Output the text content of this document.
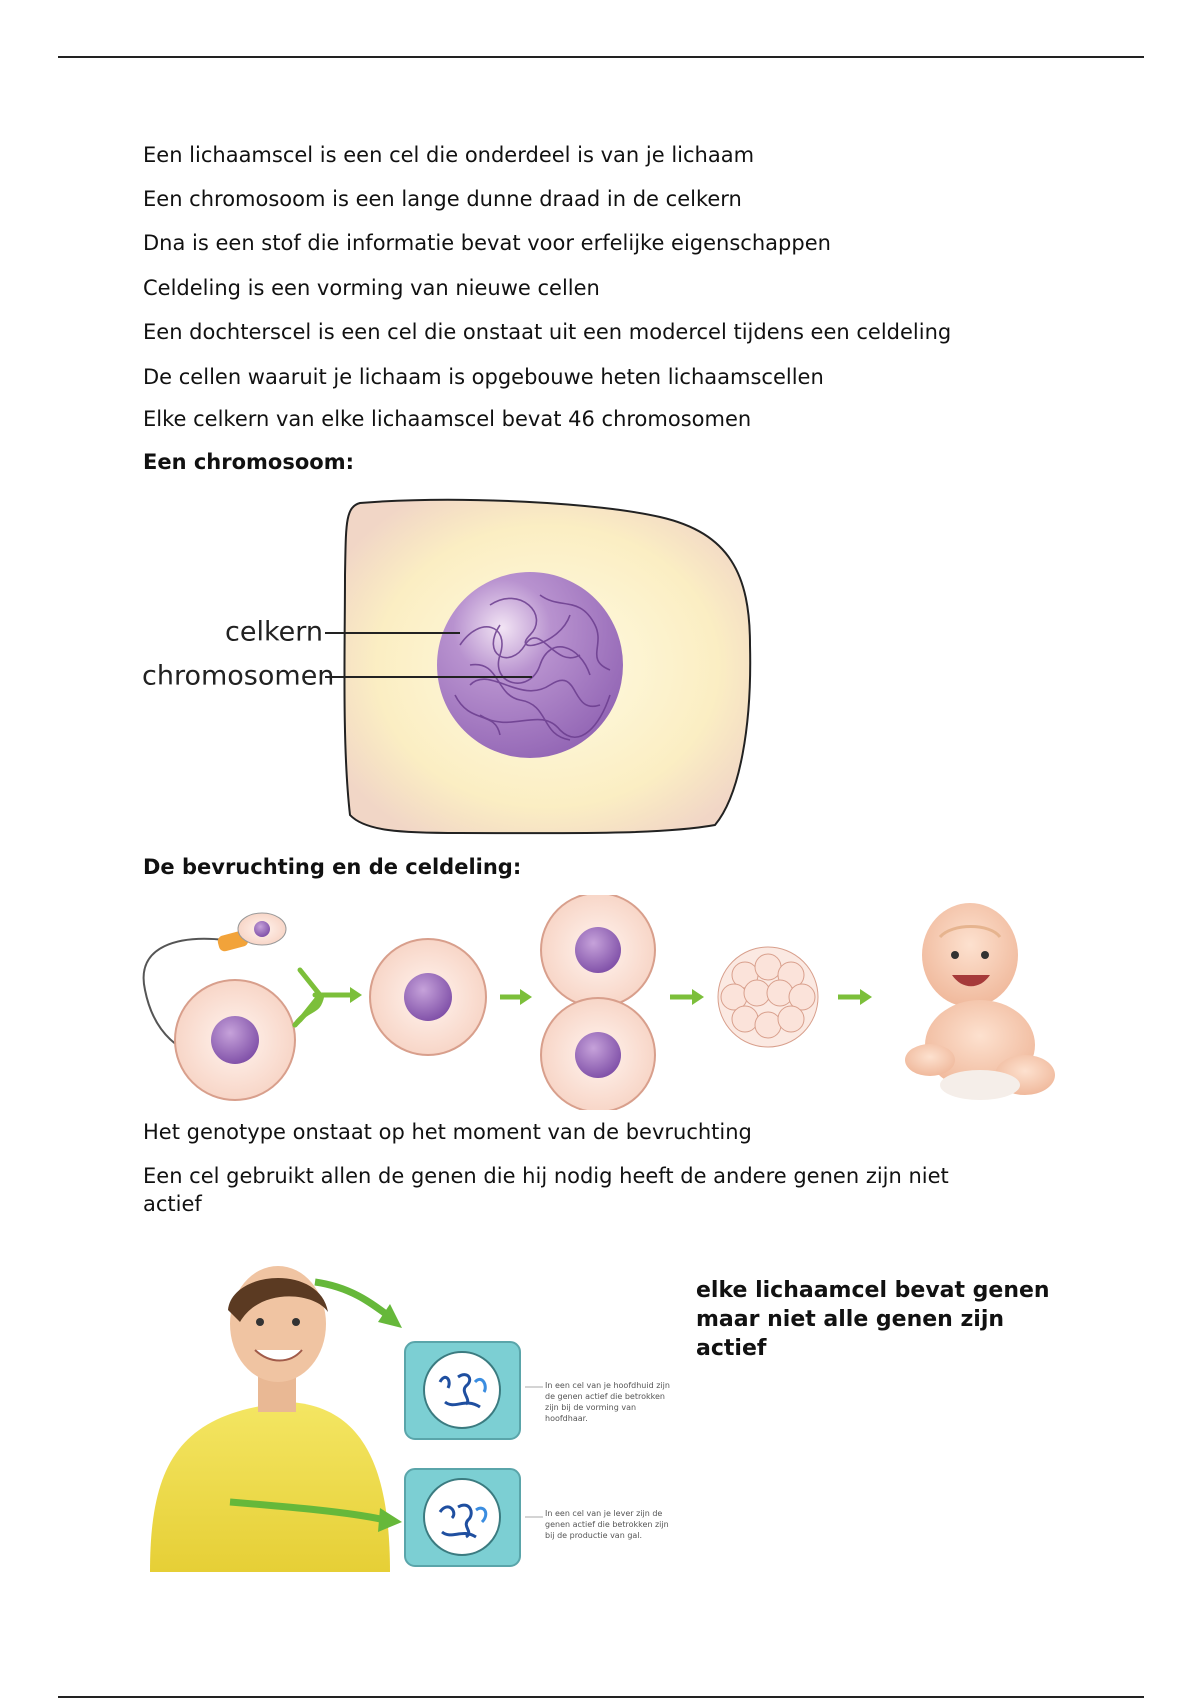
Een lichaamscel is een cel die onderdeel is van je lichaam

Een chromosoom is een lange dunne draad in de celkern

Dna is een stof die informatie bevat voor erfelijke eigenschappen

Celdeling is een vorming van nieuwe cellen

Een dochterscel is een cel die onstaat uit een modercel tijdens een celdeling

De cellen waaruit je lichaam is opgebouwe heten lichaamscellen

Elke celkern van elke lichaamscel bevat 46 chromosomen

Een chromosoom:

celkern
chromosomen

De bevruchting en de celdeling:

Het genotype onstaat op het moment van de bevruchting

Een cel gebruikt allen de genen die hij nodig heeft de andere genen zijn niet actief

In een cel van je hoofdhuid zijn de genen actief die betrokken zijn bij de vorming van hoofdhaar.
In een cel van je lever zijn de genen actief die betrokken zijn bij de productie van gal.

elke lichaamcel bevat genen maar niet alle genen zijn actief
